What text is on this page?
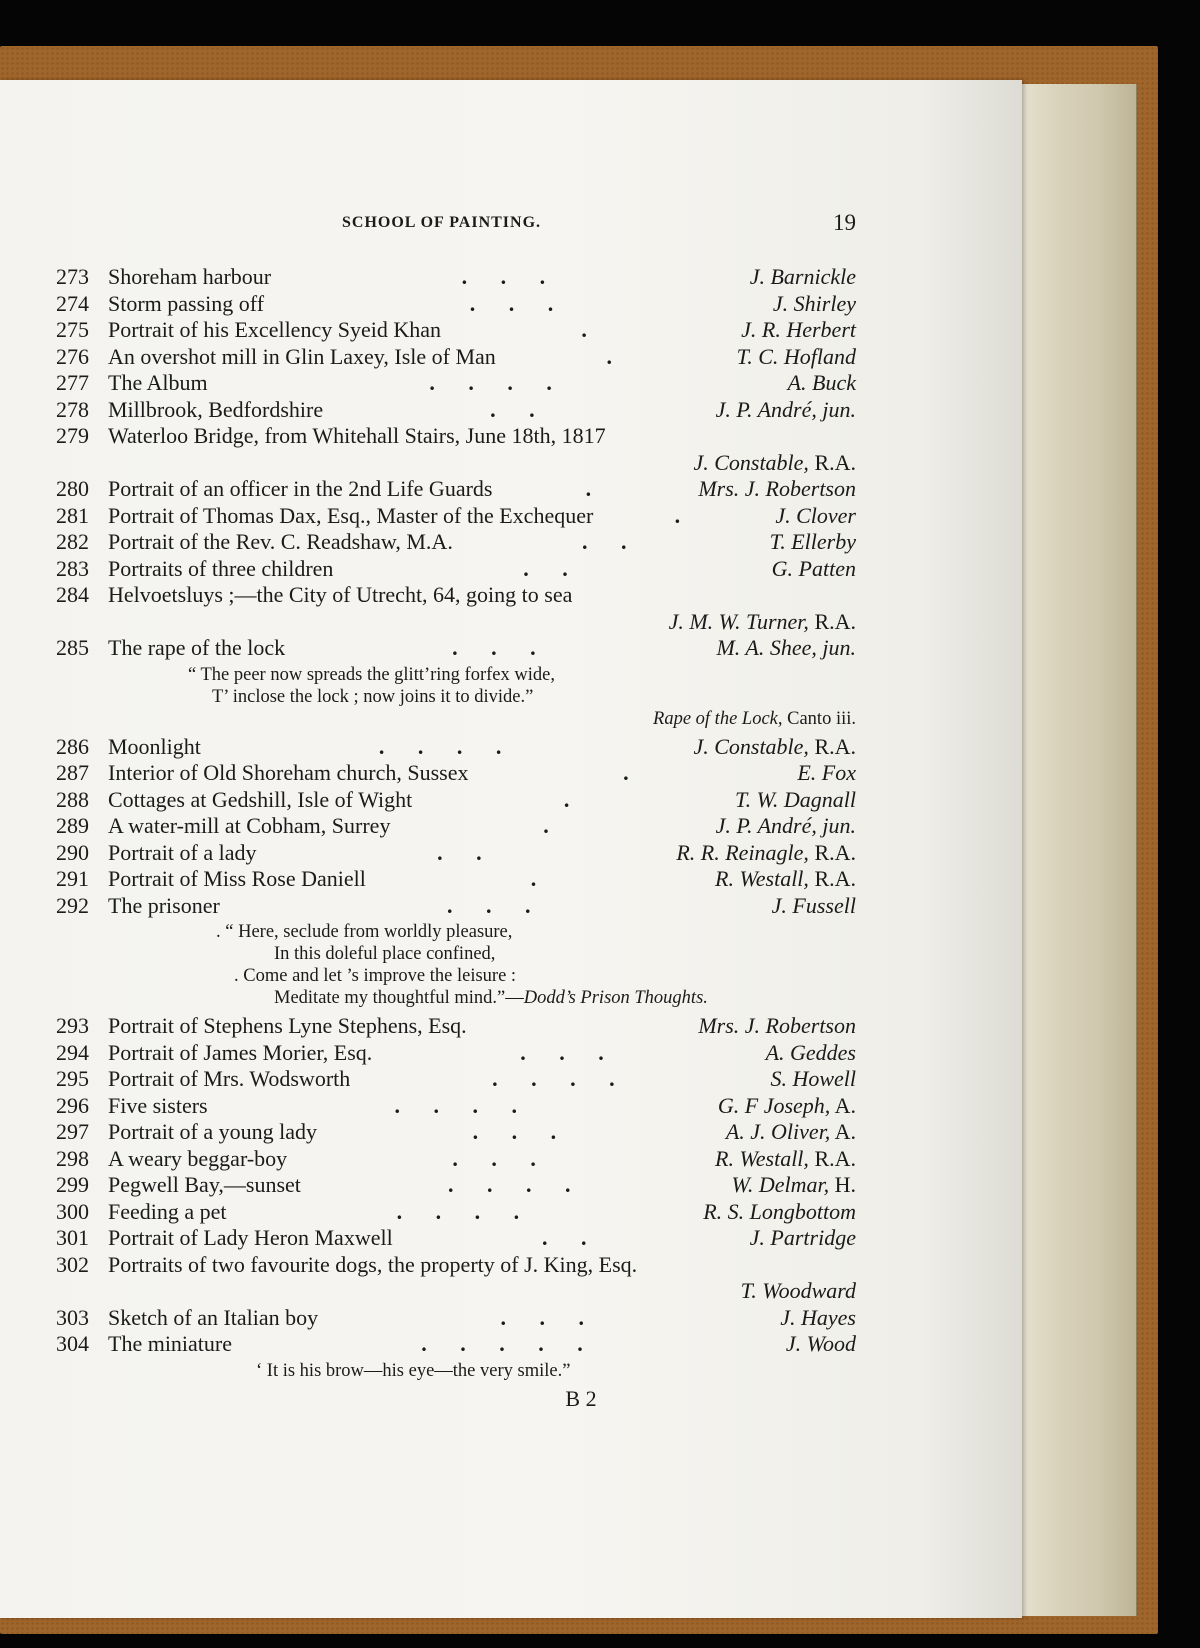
SCHOOL OF PAINTING.	19
273 Shoreham harbour	. . .	J. Barnickle
274 Storm passing off	. . .	J. Shirley
275 Portrait of his Excellency Syeid Khan	.	J. R. Herbert
276 An overshot mill in Glin Laxey, Isle of Man	.	T. C. Hofland
277 The Album	. . . .	A. Buck
278 Millbrook, Bedfordshire	. .	J. P. André, jun.
279 Waterloo Bridge, from Whitehall Stairs, June 18th, 1817
J. Constable, R.A.
280 Portrait of an officer in the 2nd Life Guards	.	Mrs. J. Robertson
281 Portrait of Thomas Dax, Esq., Master of the Exchequer	.	J. Clover
282 Portrait of the Rev. C. Readshaw, M.A.	. .	T. Ellerby
283 Portraits of three children	. .	G. Patten
284 Helvoetsluys ;—the City of Utrecht, 64, going to sea
J. M. W. Turner, R.A.
285 The rape of the lock	. . .	M. A. Shee, jun.
“ The peer now spreads the glitt’ring forfex wide,
T’ inclose the lock ; now joins it to divide.”
Rape of the Lock, Canto iii.
286 Moonlight	. . . .	J. Constable, R.A.
287 Interior of Old Shoreham church, Sussex	.	E. Fox
288 Cottages at Gedshill, Isle of Wight	.	T. W. Dagnall
289 A water-mill at Cobham, Surrey	.	J. P. André, jun.
290 Portrait of a lady	. .	R. R. Reinagle, R.A.
291 Portrait of Miss Rose Daniell	.	R. Westall, R.A.
292 The prisoner	. . .	J. Fussell
. “ Here, seclude from worldly pleasure,
In this doleful place confined,
. Come and let ’s improve the leisure :
Meditate my thoughtful mind.”—Dodd’s Prison Thoughts.
293 Portrait of Stephens Lyne Stephens, Esq.	Mrs. J. Robertson
294 Portrait of James Morier, Esq.	. . .	A. Geddes
295 Portrait of Mrs. Wodsworth	. . . .	S. Howell
296 Five sisters	. . . .	G. F Joseph, A.
297 Portrait of a young lady	. . .	A. J. Oliver, A.
298 A weary beggar-boy	. . .	R. Westall, R.A.
299 Pegwell Bay,—sunset	. . . .	W. Delmar, H.
300 Feeding a pet	. . . .	R. S. Longbottom
301 Portrait of Lady Heron Maxwell	. .	J. Partridge
302 Portraits of two favourite dogs, the property of J. King, Esq.
T. Woodward
303 Sketch of an Italian boy	. . .	J. Hayes
304 The miniature	. . . . .	J. Wood
‘ It is his brow—his eye—the very smile.”
B 2
